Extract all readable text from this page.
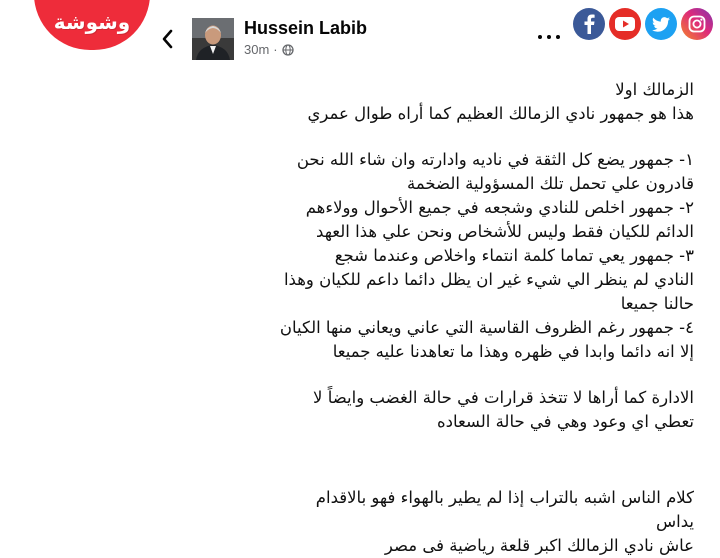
وشوشة	Hussein Labib
30m ·

الزمالك اولا

هذا هو جمهور نادي الزمالك العظيم كما أراه طوال عمري

١- جمهور يضع كل الثقة في ناديه وادارته وان شاء الله نحن

قادرون علي تحمل تلك المسؤولية الضخمة

٢- جمهور اخلص للنادي وشجعه في جميع الأحوال وولاءهم

الدائم للكيان فقط وليس للأشخاص ونحن علي هذا العهد

٣- جمهور يعي تماما كلمة انتماء واخلاص وعندما شجع

النادي لم ينظر الي شيء غير ان يظل دائما داعم للكيان وهذا

حالنا جميعا

٤- جمهور رغم الظروف القاسية التي عاني ويعاني منها الكيان

إلا انه دائما وابدا في ظهره وهذا ما تعاهدنا عليه جميعا

الادارة كما أراها لا تتخذ قرارات في حالة الغضب وايضاً لا

تعطي اي وعود وهي في حالة السعاده

كلام الناس اشبه بالتراب إذا لم يطير بالهواء فهو بالاقدام

يداس

عاش نادي الزمالك اكبر قلعة رياضية فى مصر
